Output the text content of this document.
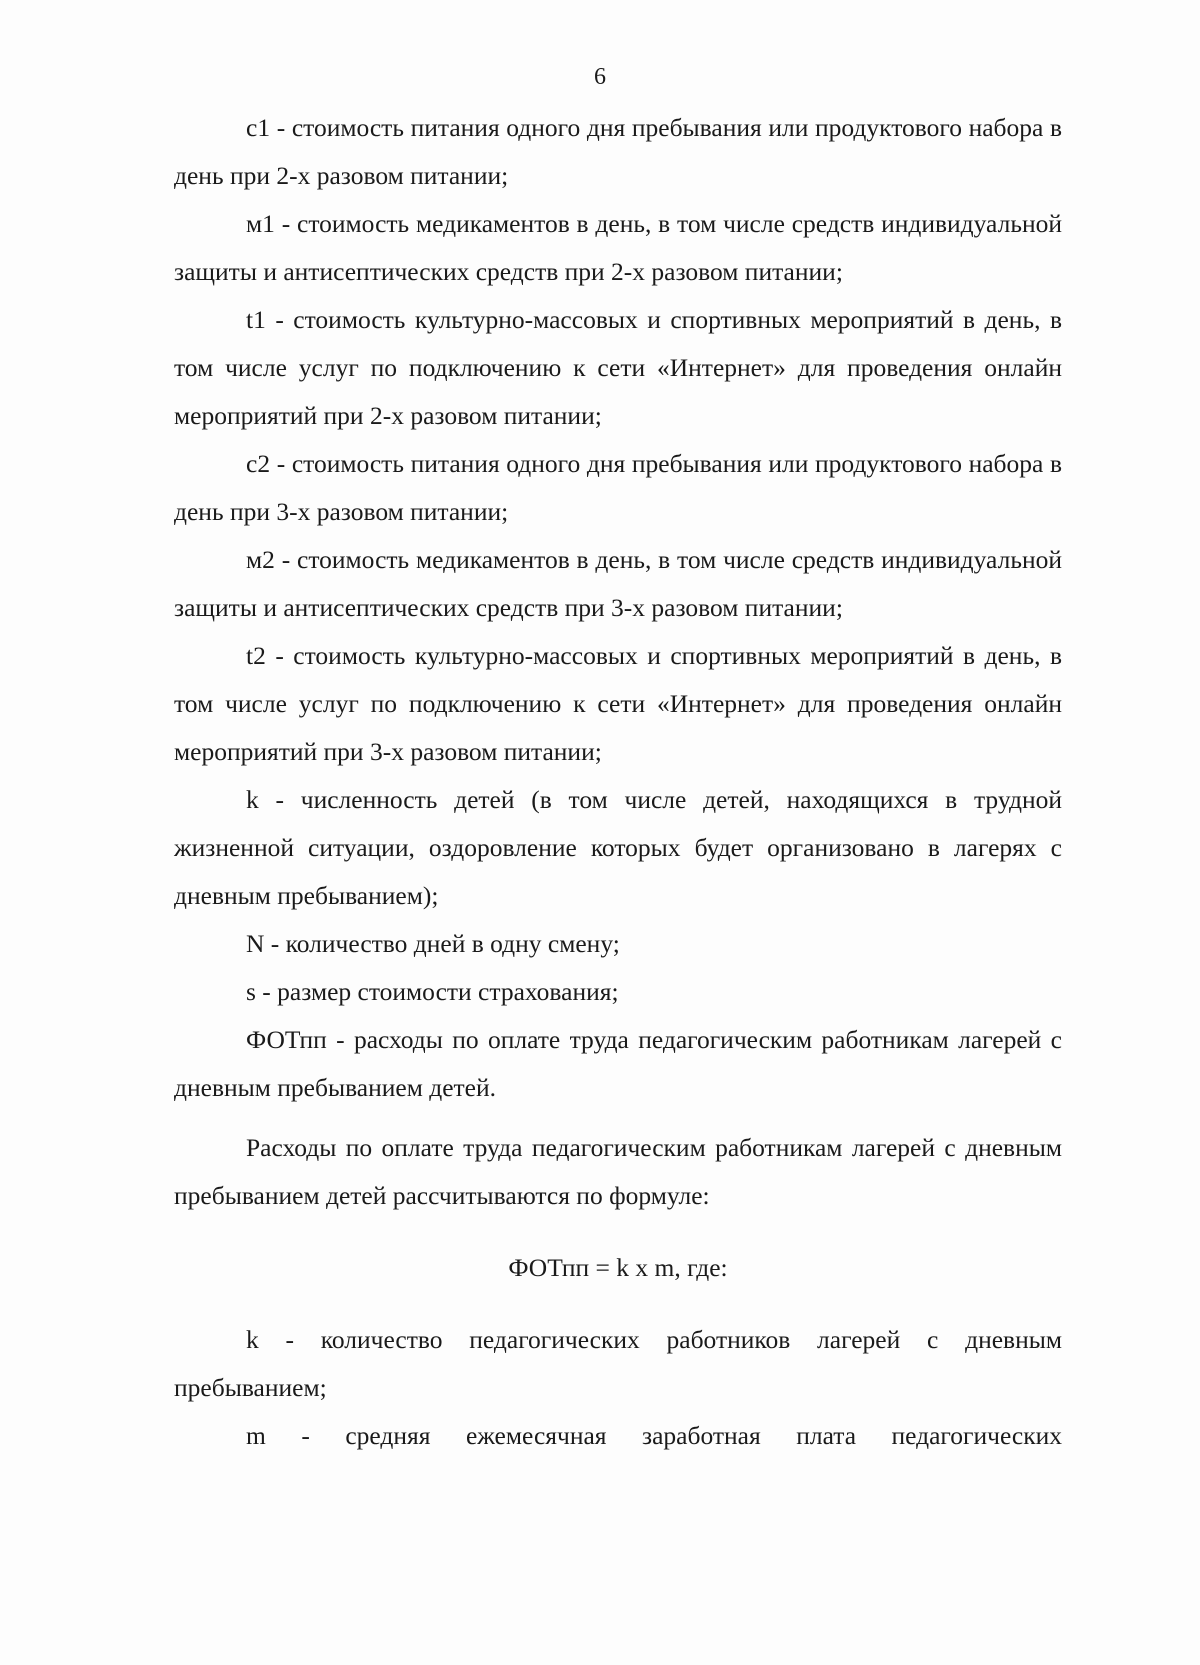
6

с1 - стоимость питания одного дня пребывания или продуктового набора в день при 2-х разовом питании;

м1 - стоимость медикаментов в день, в том числе средств индивидуальной защиты и антисептических средств при 2-х разовом питании;

t1 - стоимость культурно-массовых и спортивных мероприятий в день, в том числе услуг по подключению к сети «Интернет» для проведения онлайн мероприятий при 2-х разовом питании;

с2 - стоимость питания одного дня пребывания или продуктового набора в день при 3-х разовом питании;

м2 - стоимость медикаментов в день, в том числе средств индивидуальной защиты и антисептических средств при 3-х разовом питании;

t2 - стоимость культурно-массовых и спортивных мероприятий в день, в том числе услуг по подключению к сети «Интернет» для проведения онлайн мероприятий при 3-х разовом питании;

k - численность детей (в том числе детей, находящихся в трудной жизненной ситуации, оздоровление которых будет организовано в лагерях с дневным пребыванием);

N - количество дней в одну смену;

s - размер стоимости страхования;

ФОТпп - расходы по оплате труда педагогическим работникам лагерей с дневным пребыванием детей.

Расходы по оплате труда педагогическим работникам лагерей с дневным пребыванием детей рассчитываются по формуле:

ФОТпп = k х m, где:

k - количество педагогических работников лагерей с дневным пребыванием;

m - средняя ежемесячная заработная плата педагогических
